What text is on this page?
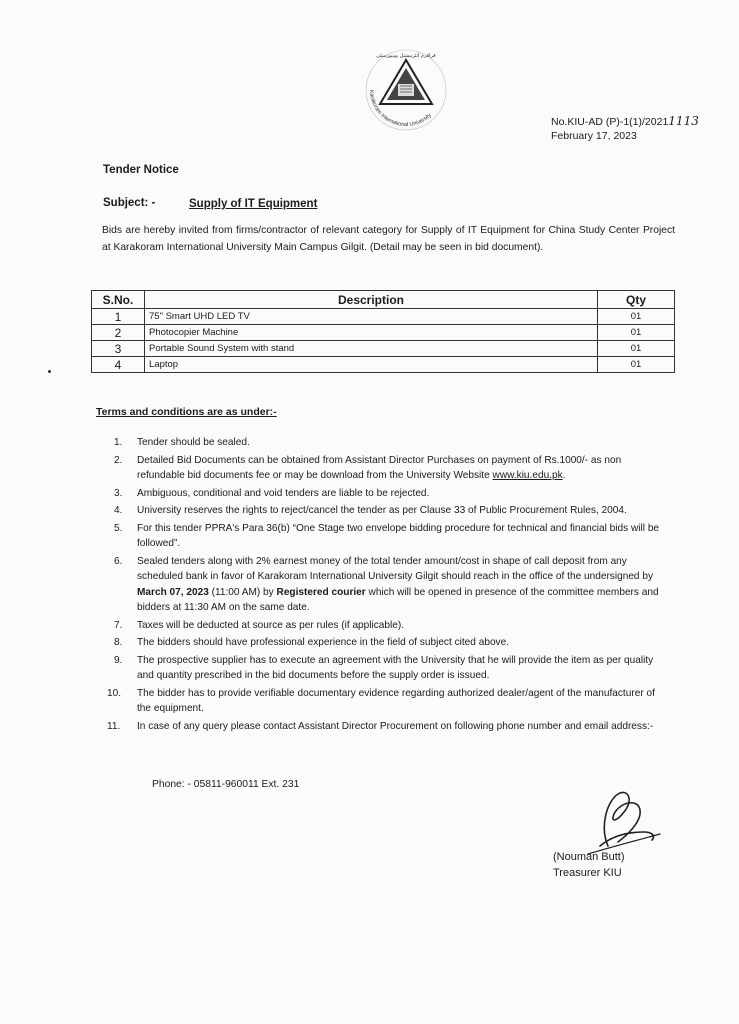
Karakoram International University
قراقرم انٹرنیشنل یونیورسٹی
No.KIU-AD (P)-1(1)/20211113
February 17, 2023
Tender Notice
Subject: -	Supply of IT Equipment
Bids are hereby invited from firms/contractor of relevant category for Supply of IT Equipment for China Study Center Project at Karakoram International University Main Campus Gilgit. (Detail may be seen in bid document).
S.No.	Description	Qty
1	75" Smart UHD LED TV	01
2	Photocopier Machine	01
3	Portable Sound System with stand	01
4	Laptop	01
Terms and conditions are as under:-
1. Tender should be sealed.
2. Detailed Bid Documents can be obtained from Assistant Director Purchases on payment of Rs.1000/- as non refundable bid documents fee or may be download from the University Website www.kiu.edu.pk.
3. Ambiguous, conditional and void tenders are liable to be rejected.
4. University reserves the rights to reject/cancel the tender as per Clause 33 of Public Procurement Rules, 2004.
5. For this tender PPRA's Para 36(b) “One Stage two envelope bidding procedure for technical and financial bids will be followed”.
6. Sealed tenders along with 2% earnest money of the total tender amount/cost in shape of call deposit from any scheduled bank in favor of Karakoram International University Gilgit should reach in the office of the undersigned by March 07, 2023 (11:00 AM) by Registered courier which will be opened in presence of the committee members and bidders at 11:30 AM on the same date.
7. Taxes will be deducted at source as per rules (if applicable).
8. The bidders should have professional experience in the field of subject cited above.
9. The prospective supplier has to execute an agreement with the University that he will provide the item as per quality and quantity prescribed in the bid documents before the supply order is issued.
10. The bidder has to provide verifiable documentary evidence regarding authorized dealer/agent of the manufacturer of the equipment.
11. In case of any query please contact Assistant Director Procurement on following phone number and email address:-
Phone: - 05811-960011 Ext. 231
(Nouman Butt)
Treasurer KIU
